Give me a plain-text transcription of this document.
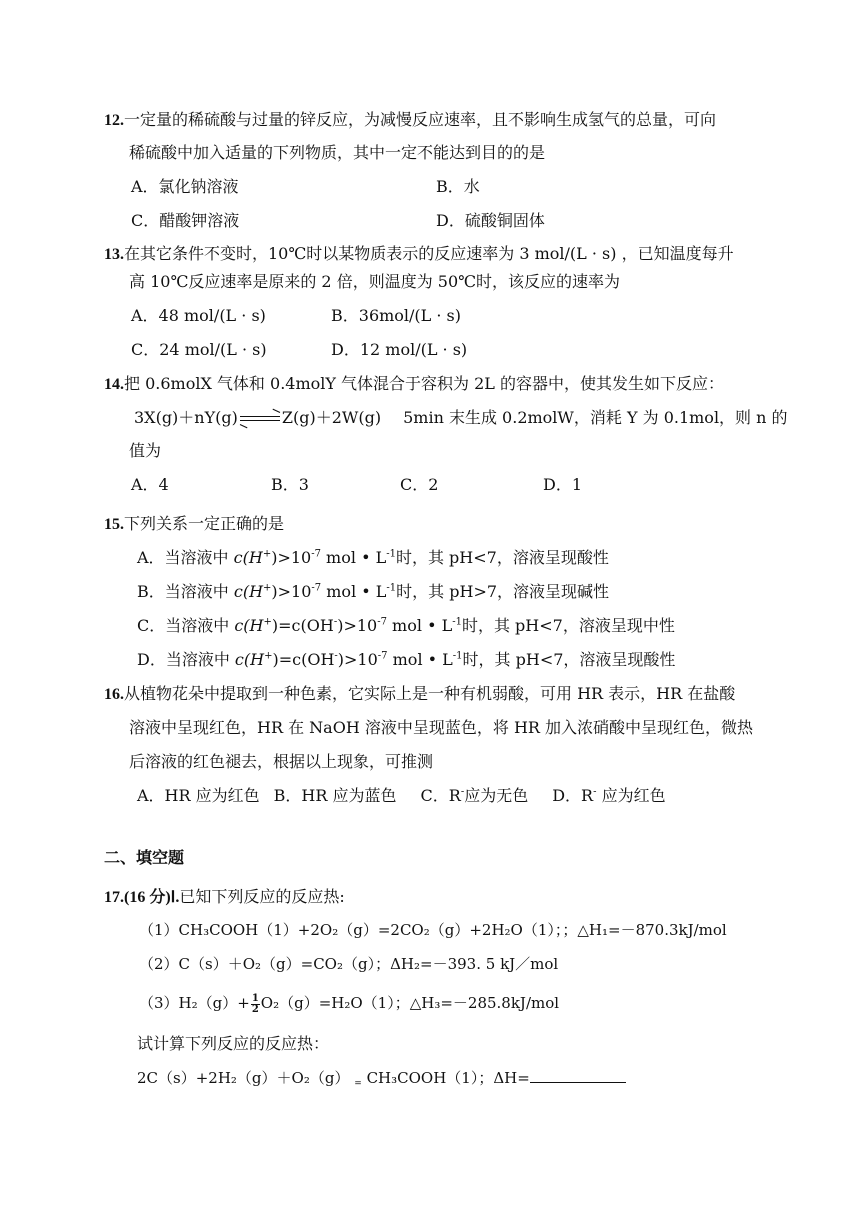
12.一定量的稀硫酸与过量的锌反应，为减慢反应速率，且不影响生成氢气的总量，可向
稀硫酸中加入适量的下列物质，其中一定不能达到目的的是
A．氯化钠溶液	B．水
C．醋酸钾溶液	D．硫酸铜固体
13.在其它条件不变时，10℃时以某物质表示的反应速率为 3 mol/(L · s) ，已知温度每升
高 10℃反应速率是原来的 2 倍，则温度为 50℃时，该反应的速率为
A．48 mol/(L · s)	B．36mol/(L · s)
C．24 mol/(L · s)	D．12 mol/(L · s)
14.把 0.6molX 气体和 0.4molY 气体混合于容积为 2L 的容器中，使其发生如下反应：
3X(g)＋nY(g) ⇌ Z(g)＋2W(g) 5min 末生成 0.2molW，消耗 Y 为 0.1mol，则 n 的
值为
A．4	B．3	C．2	D．1
15.下列关系一定正确的是
A．当溶液中 $c(H^+)>10^{-7}$ mol • $L^{-1}$时，其 pH<7，溶液呈现酸性
B．当溶液中 $c(H^+)>10^{-7}$ mol • $L^{-1}$时，其 pH>7，溶液呈现碱性
C．当溶液中 $c(H^+)=c(OH^-)>10^{-7}$ mol • $L^{-1}$时，其 pH<7，溶液呈现中性
D．当溶液中 $c(H^+)=c(OH^-)>10^{-7}$ mol • $L^{-1}$时，其 pH<7，溶液呈现酸性
16.从植物花朵中提取到一种色素，它实际上是一种有机弱酸，可用 HR 表示，HR 在盐酸
溶液中呈现红色，HR 在 NaOH 溶液中呈现蓝色，将 HR 加入浓硝酸中呈现红色，微热
后溶液的红色褪去，根据以上现象，可推测
A．HR 应为红色 B．HR 应为蓝色 C．R-应为无色 D．R- 应为红色
二、填空题
17.(16 分)Ⅰ.已知下列反应的反应热:
（1）CH₃COOH（1）+2O₂（g）=2CO₂（g）+2H₂O（1）；；△H₁=－870.3kJ/mol
（2）C（s）＋O₂（g）=CO₂（g）；ΔH₂=－393. 5 kJ／mol
$(3)H_2(g)+ \frac{1}{2} O_2(g)=H_2O(1)$；△H₃=－285.8kJ/mol
试计算下列反应的反应热：
2C（s）+2H₂（g）＋O₂（g） $_=$ CH₃COOH（1）；ΔH=
